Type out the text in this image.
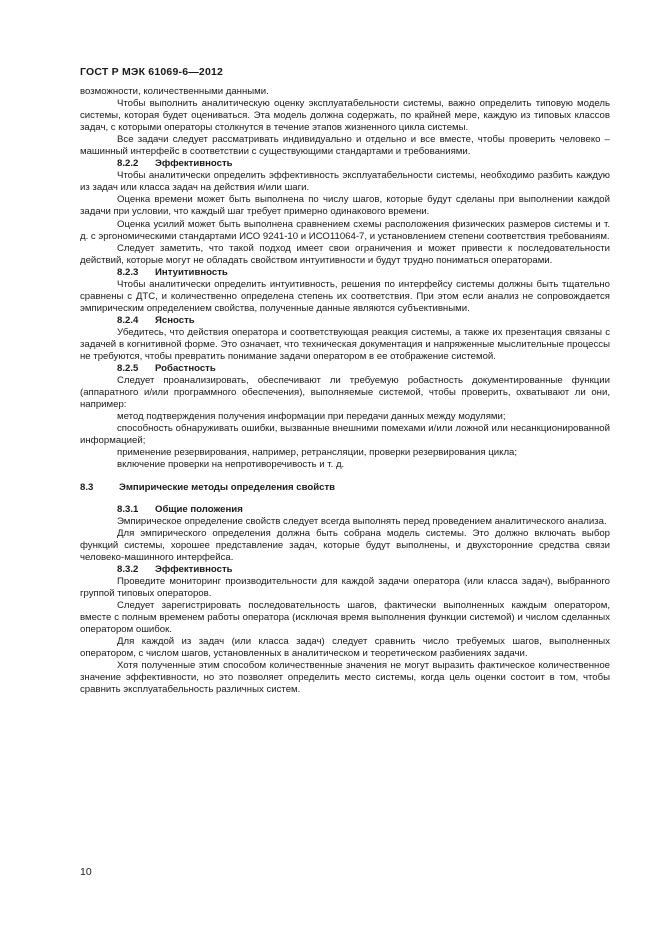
ГОСТ Р МЭК 61069-6—2012

возможности, количественными данными.

Чтобы выполнить аналитическую оценку эксплуатабельности системы, важно определить типовую модель системы, которая будет оцениваться. Эта модель должна содержать, по крайней мере, каждую из типовых классов задач, с которыми операторы столкнутся в течение этапов жизненного цикла системы.

Все задачи следует рассматривать индивидуально и отдельно и все вместе, чтобы проверить человеко – машинный интерфейс в соответствии с существующими стандартами и требованиями.

8.2.2 Эффективность

Чтобы аналитически определить эффективность эксплуатабельности системы, необходимо разбить каждую из задач или класса задач на действия и/или шаги.

Оценка времени может быть выполнена по числу шагов, которые будут сделаны при выполнении каждой задачи при условии, что каждый шаг требует примерно одинакового времени.

Оценка усилий может быть выполнена сравнением схемы расположения физических размеров системы и т. д. с эргономическими стандартами ИСО 9241-10 и ИСО11064-7, и установлением степени соответствия требованиям.

Следует заметить, что такой подход имеет свои ограничения и может привести к последовательности действий, которые могут не обладать свойством интуитивности и будут трудно пониматься операторами.

8.2.3 Интуитивность

Чтобы аналитически определить интуитивность, решения по интерфейсу системы должны быть тщательно сравнены с ДТС, и количественно определена степень их соответствия. При этом если анализ не сопровождается эмпирическим определением свойства, полученные данные являются субъективными.

8.2.4 Ясность

Убедитесь, что действия оператора и соответствующая реакция системы, а также их презентация связаны с задачей в когнитивной форме. Это означает, что техническая документация и напряженные мыслительные процессы не требуются, чтобы превратить понимание задачи оператором в ее отображение системой.

8.2.5 Робастность

Следует проанализировать, обеспечивают ли требуемую робастность документированные функции (аппаратного и/или программного обеспечения), выполняемые системой, чтобы проверить, охватывают ли они, например:

метод подтверждения получения информации при передачи данных между модулями;

способность обнаруживать ошибки, вызванные внешними помехами и/или ложной или несанкционированной информацией;

применение резервирования, например, ретрансляции, проверки резервирования цикла;

включение проверки на непротиворечивость и т. д.

8.3	Эмпирические методы определения свойств
8.3.1 Общие положения

Эмпирическое определение свойств следует всегда выполнять перед проведением аналитического анализа.

Для эмпирического определения должна быть собрана модель системы. Это должно включать выбор функций системы, хорошее представление задач, которые будут выполнены, и двухсторонние средства связи человеко-машинного интерфейса.

8.3.2 Эффективность

Проведите мониторинг производительности для каждой задачи оператора (или класса задач), выбранного группой типовых операторов.

Следует зарегистрировать последовательность шагов, фактически выполненных каждым оператором, вместе с полным временем работы оператора (исключая время выполнения функции системой) и числом сделанных оператором ошибок.

Для каждой из задач (или класса задач) следует сравнить число требуемых шагов, выполненных оператором, с числом шагов, установленных в аналитическом и теоретическом разбиениях задачи.

Хотя полученные этим способом количественные значения не могут выразить фактическое количественное значение эффективности, но это позволяет определить место системы, когда цель оценки состоит в том, чтобы сравнить эксплуатабельность различных систем.

10
